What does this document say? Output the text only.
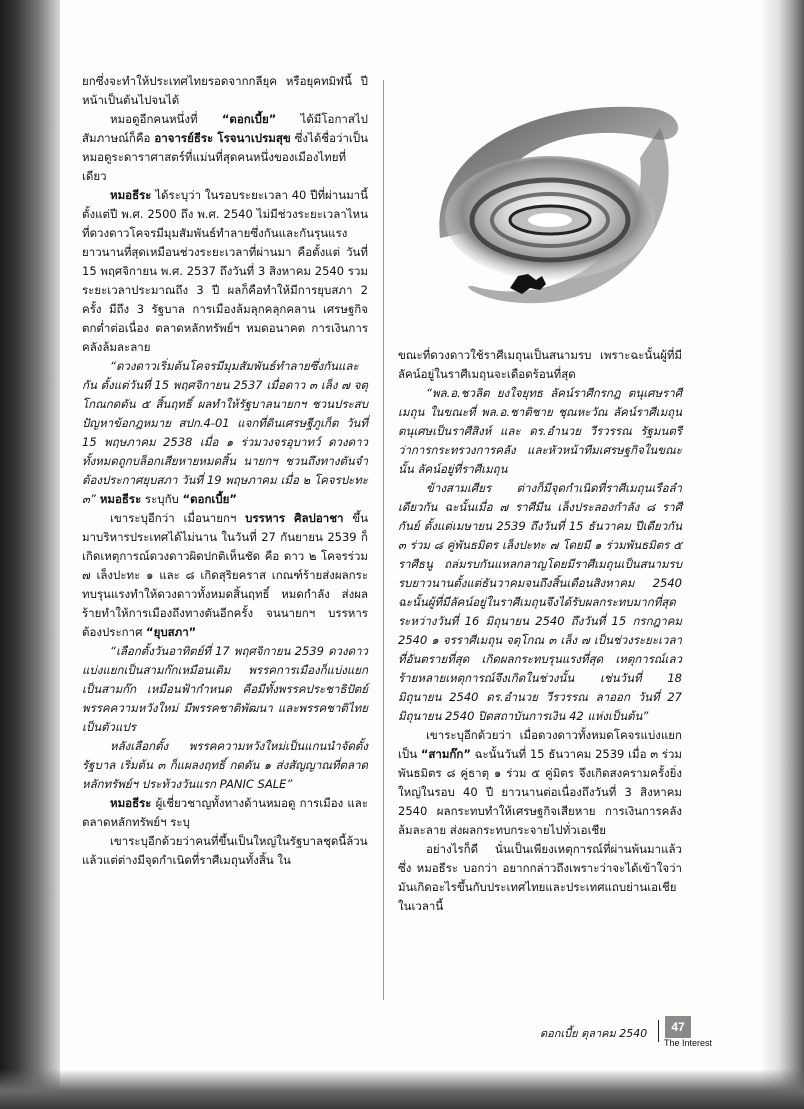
ยกซึ่งจะทำให้ประเทศไทยรอดจากกลียุค หรือยุคทมิฬนี้ ปีหน้าเป็นต้นไปจนได้

หมอดูอีกคนหนึ่งที่ “ดอกเบี้ย” ได้มีโอกาสไปสัมภาษณ์ก็คือ อาจารย์ธีระ โรจนาเปรมสุข ซึ่งได้ชื่อว่าเป็นหมอดูระดาราศาสตร์ที่แม่นที่สุดคนหนึ่งของเมืองไทยที่เดียว

หมอธีระ ได้ระบุว่า ในรอบระยะเวลา 40 ปีที่ผ่านมานี้ ตั้งแต่ปี พ.ศ. 2500 ถึง พ.ศ. 2540 ไม่มีช่วงระยะเวลาไหนที่ดวงดาวโคจรมีมุมสัมพันธ์ทำลายซึ่งกันและกันรุนแรง ยาวนานที่สุดเหมือนช่วงระยะเวลาที่ผ่านมา คือตั้งแต่ วันที่ 15 พฤศจิกายน พ.ศ. 2537 ถึงวันที่ 3 สิงหาคม 2540 รวมระยะเวลาประมาณถึง 3 ปี ผลก็คือทำให้มีการยุบสภา 2 ครั้ง มีถึง 3 รัฐบาล การเมืองล้มลุกคลุกคลาน เศรษฐกิจตกต่ำต่อเนื่อง ตลาดหลักทรัพย์ฯ หมดอนาคต การเงินการคลังล้มละลาย

“ดวงดาวเริ่มต้นโคจรมีมุมสัมพันธ์ทำลายซึ่งกันและกัน ตั้งแต่วันที่ 15 พฤศจิกายน 2537 เมื่อดาว ๓ เล็ง ๗ จตุโกณกดดัน ๕ สิ้นฤทธิ์ ผลทำให้รัฐบาลนายกฯ ชวนประสบปัญหาข้อกฎหมาย สปก.4-01 แจกที่ดินเศรษฐีภูเก็ต วันที่ 15 พฤษภาคม 2538 เมื่อ ๑ ร่วมวงจรอุบาทว์ ดวงดาวทั้งหมดถูกบล็อกเสียหายหมดสิ้น นายกฯ ชวนถึงทางตันจำต้องประกาศยุบสภา วันที่ 19 พฤษภาคม เมื่อ ๒ โคจรปะทะ ๓” หมอธีระ ระบุกับ “ดอกเบี้ย”

เขาระบุอีกว่า เมื่อนายกฯ บรรหาร ศิลปอาชา ขึ้นมาบริหารประเทศได้ไม่นาน ในวันที่ 27 กันยายน 2539 ก็เกิดเหตุการณ์ดวงดาวผิดปกติเห็นชัด คือ ดาว ๒ โคจรร่วม ๗ เล็งปะทะ ๑ และ ๘ เกิดสุริยคราส เกณฑ์ร้ายส่งผลกระทบรุนแรงทำให้ดวงดาวทั้งหมดสิ้นฤทธิ์ หมดกำลัง ส่งผลร้ายทำให้การเมืองถึงทางตันอีกครั้ง จนนายกฯ บรรหาร ต้องประกาศ “ยุบสภา”

“เลือกตั้งวันอาทิตย์ที่ 17 พฤศจิกายน 2539 ดวงดาวแบ่งแยกเป็นสามก๊กเหมือนเดิม พรรคการเมืองก็แบ่งแยกเป็นสามก๊ก เหมือนฟ้ากำหนด คือมีทั้งพรรคประชาธิปัตย์ พรรคความหวังใหม่ มีพรรคชาติพัฒนา และพรรคชาติไทยเป็นตัวแปร

หลังเลือกตั้ง พรรคความหวังใหม่เป็นแกนนำจัดตั้งรัฐบาล เริ่มต้น ๓ ก็แผลงฤทธิ์ กดดัน ๑ ส่งสัญญาณที่ตลาดหลักทรัพย์ฯ ประท้วงวันแรก PANIC SALE”

หมอธีระ ผู้เชี่ยวชาญทั้งทางด้านหมอดู การเมือง และตลาดหลักทรัพย์ฯ ระบุ

เขาระบุอีกด้วยว่าคนที่ขึ้นเป็นใหญ่ในรัฐบาลชุดนี้ล้วนแล้วแต่ต่างมีจุดกำเนิดที่ราศีเมถุนทั้งสิ้น ใน

ขณะที่ดวงดาวใช้ราศีเมถุนเป็นสนามรบ เพราะฉะนั้นผู้ที่มีลัคน์อยู่ในราศีเมถุนจะเดือดร้อนที่สุด

“พล.อ.ชวลิต ยงใจยุทธ ลัคน์ราศีกรกฎ ตนุเศษราศีเมถุน ในขณะที่ พล.อ.ชาติชาย ชุณหะวัณ ลัคน์ราศีเมถุน ตนุเศษเป็นราศีสิงห์ และ ดร.อำนวย วีรวรรณ รัฐมนตรีว่าการกระทรวงการคลัง และหัวหน้าทีมเศรษฐกิจในขณะนั้น ลัคน์อยู่ที่ราศีเมถุน

ข้างสามเศียร ต่างก็มีจุดกำเนิดที่ราศีเมถุนเรือลำเดียวกัน ฉะนั้นเมื่อ ๗ ราศีมีน เล็งประลองกำลัง ๘ ราศีกันย์ ตั้งแต่เมษายน 2539 ถึงวันที่ 15 ธันวาคม ปีเดียวกัน ๓ ร่วม ๘ คู่พันธมิตร เล็งปะทะ ๗ โดยมี ๑ ร่วมพันธมิตร ๕ ราศีธนู ถล่มรบกันแหลกลาญโดยมีราศีเมถุนเป็นสนามรบ รบยาวนานตั้งแต่ธันวาคมจนถึงสิ้นเดือนสิงหาคม 2540 ฉะนั้นผู้ที่มีลัคน์อยู่ในราศีเมถุนจึงได้รับผลกระทบมากที่สุด ระหว่างวันที่ 16 มิถุนายน 2540 ถึงวันที่ 15 กรกฎาคม 2540 ๑ จรราศีเมถุน จตุโกณ ๓ เล็ง ๗ เป็นช่วงระยะเวลาที่อันตรายที่สุด เกิดผลกระทบรุนแรงที่สุด เหตุการณ์เลวร้ายหลายเหตุการณ์จึงเกิดในช่วงนั้น เช่นวันที่ 18 มิถุนายน 2540 ดร.อำนวย วีรวรรณ ลาออก วันที่ 27 มิถุนายน 2540 ปิดสถาบันการเงิน 42 แห่งเป็นต้น”

เขาระบุอีกด้วยว่า เมื่อดวงดาวทั้งหมดโคจรแบ่งแยกเป็น “สามก๊ก” ฉะนั้นวันที่ 15 ธันวาคม 2539 เมื่อ ๓ ร่วมพันธมิตร ๘ คู่ธาตุ ๑ ร่วม ๕ คู่มิตร จึงเกิดสงครามครั้งยิ่งใหญ่ในรอบ 40 ปี ยาวนานต่อเนื่องถึงวันที่ 3 สิงหาคม 2540 ผลกระทบทำให้เศรษฐกิจเสียหาย การเงินการคลังล้มละลาย ส่งผลกระทบกระจายไปทั่วเอเชีย

อย่างไรก็ดี นั่นเป็นเพียงเหตุการณ์ที่ผ่านพ้นมาแล้ว ซึ่ง หมอธีระ บอกว่า อยากกล่าวถึงเพราะว่าจะได้เข้าใจว่ามันเกิดอะไรขึ้นกับประเทศไทยและประเทศแถบย่านเอเชีย ในเวลานี้

ดอกเบี้ย ตุลาคม 2540	47
The Interest
